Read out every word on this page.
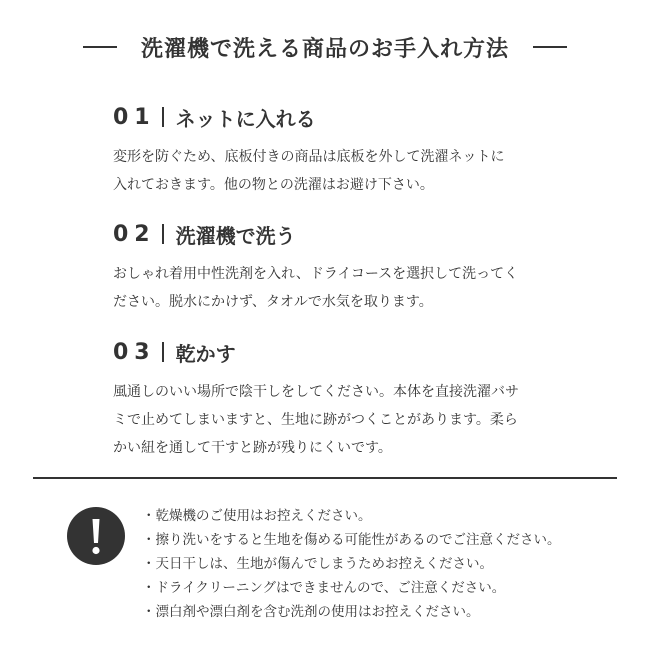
洗濯機で洗える商品のお手入れ方法
01 ネットに入れる
変形を防ぐため、底板付きの商品は底板を外して洗濯ネットに
入れておきます。他の物との洗濯はお避け下さい。
02 洗濯機で洗う
おしゃれ着用中性洗剤を入れ、ドライコースを選択して洗ってく
ださい。脱水にかけず、タオルで水気を取ります。
03 乾かす
風通しのいい場所で陰干しをしてください。本体を直接洗濯バサ
ミで止めてしまいますと、生地に跡がつくことがあります。柔ら
かい紐を通して干すと跡が残りにくいです。
・乾燥機のご使用はお控えください。
・擦り洗いをすると生地を傷める可能性があるのでご注意ください。
・天日干しは、生地が傷んでしまうためお控えください。
・ドライクリーニングはできませんので、ご注意ください。
・漂白剤や漂白剤を含む洗剤の使用はお控えください。
